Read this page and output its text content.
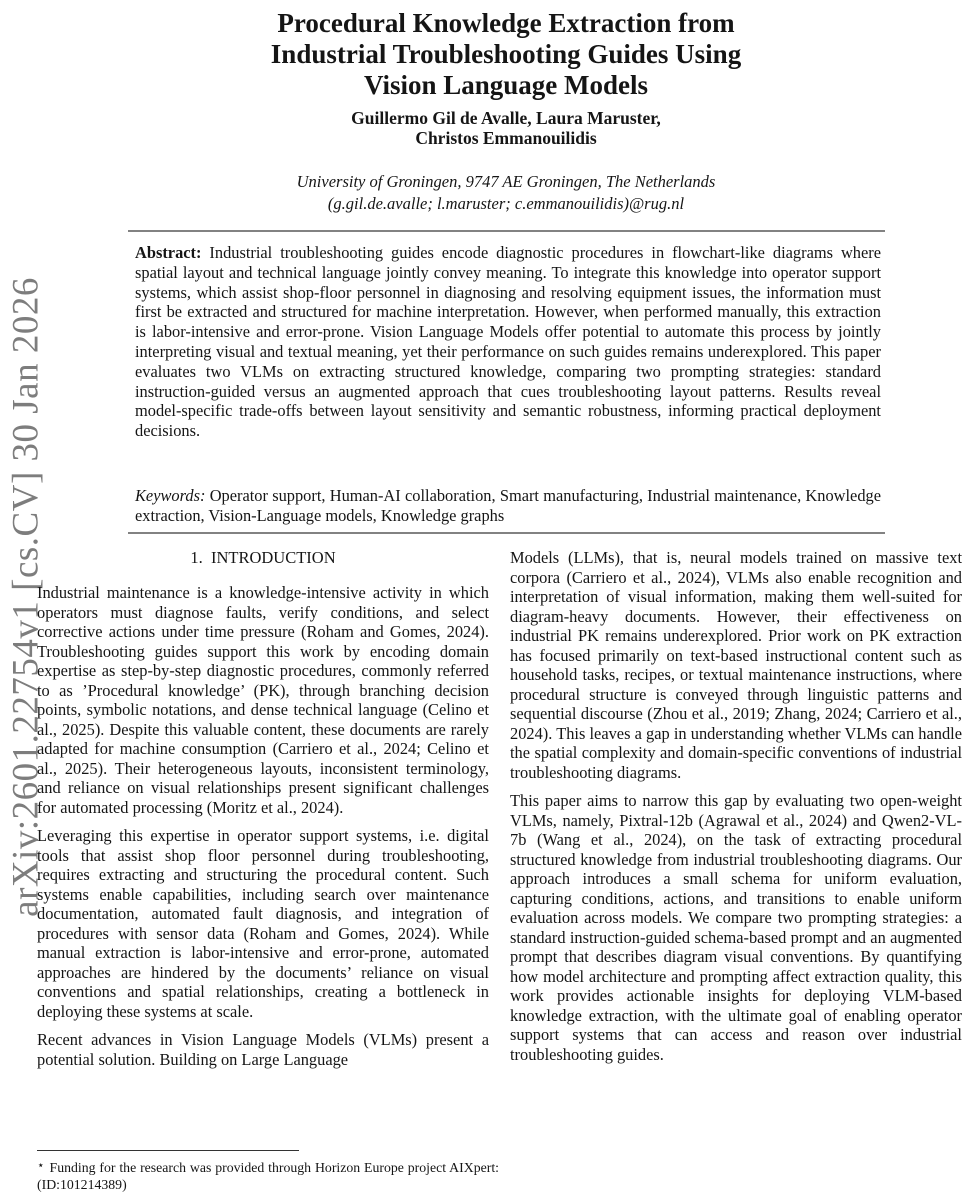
arXiv:2601.22754v1 [cs.CV] 30 Jan 2026
Procedural Knowledge Extraction from
Industrial Troubleshooting Guides Using
Vision Language Models
Guillermo Gil de Avalle, Laura Maruster,
Christos Emmanouilidis
University of Groningen, 9747 AE Groningen, The Netherlands
(g.gil.de.avalle; l.maruster; c.emmanouilidis)@rug.nl
Abstract: Industrial troubleshooting guides encode diagnostic procedures in flowchart-like diagrams where spatial layout and technical language jointly convey meaning. To integrate this knowledge into operator support systems, which assist shop-floor personnel in diagnosing and resolving equipment issues, the information must first be extracted and structured for machine interpretation. However, when performed manually, this extraction is labor-intensive and error-prone. Vision Language Models offer potential to automate this process by jointly interpreting visual and textual meaning, yet their performance on such guides remains underexplored. This paper evaluates two VLMs on extracting structured knowledge, comparing two prompting strategies: standard instruction-guided versus an augmented approach that cues troubleshooting layout patterns. Results reveal model-specific trade-offs between layout sensitivity and semantic robustness, informing practical deployment decisions.
Keywords: Operator support, Human-AI collaboration, Smart manufacturing, Industrial maintenance, Knowledge extraction, Vision-Language models, Knowledge graphs
1.  INTRODUCTION

Industrial maintenance is a knowledge-intensive activity in which operators must diagnose faults, verify conditions, and select corrective actions under time pressure (Roham and Gomes, 2024). Troubleshooting guides support this work by encoding domain expertise as step-by-step diagnostic procedures, commonly referred to as ’Procedural knowledge’ (PK), through branching decision points, symbolic notations, and dense technical language (Celino et al., 2025). Despite this valuable content, these documents are rarely adapted for machine consumption (Carriero et al., 2024; Celino et al., 2025). Their heterogeneous layouts, inconsistent terminology, and reliance on visual relationships present significant challenges for automated processing (Moritz et al., 2024).

Leveraging this expertise in operator support systems, i.e. digital tools that assist shop floor personnel during troubleshooting, requires extracting and structuring the procedural content. Such systems enable capabilities, including search over maintenance documentation, automated fault diagnosis, and integration of procedures with sensor data (Roham and Gomes, 2024). While manual extraction is labor-intensive and error-prone, automated approaches are hindered by the documents’ reliance on visual conventions and spatial relationships, creating a bottleneck in deploying these systems at scale.

Recent advances in Vision Language Models (VLMs) present a potential solution. Building on Large Language

Models (LLMs), that is, neural models trained on massive text corpora (Carriero et al., 2024), VLMs also enable recognition and interpretation of visual information, making them well-suited for diagram-heavy documents. However, their effectiveness on industrial PK remains underexplored. Prior work on PK extraction has focused primarily on text-based instructional content such as household tasks, recipes, or textual maintenance instructions, where procedural structure is conveyed through linguistic patterns and sequential discourse (Zhou et al., 2019; Zhang, 2024; Carriero et al., 2024). This leaves a gap in understanding whether VLMs can handle the spatial complexity and domain-specific conventions of industrial troubleshooting diagrams.

This paper aims to narrow this gap by evaluating two open-weight VLMs, namely, Pixtral-12b (Agrawal et al., 2024) and Qwen2-VL-7b (Wang et al., 2024), on the task of extracting procedural structured knowledge from industrial troubleshooting diagrams. Our approach introduces a small schema for uniform evaluation, capturing conditions, actions, and transitions to enable uniform evaluation across models. We compare two prompting strategies: a standard instruction-guided schema-based prompt and an augmented prompt that describes diagram visual conventions. By quantifying how model architecture and prompting affect extraction quality, this work provides actionable insights for deploying VLM-based knowledge extraction, with the ultimate goal of enabling operator support systems that can access and reason over industrial troubleshooting guides.

⋆ Funding for the research was provided through Horizon Europe project AIXpert: (ID:101214389)
